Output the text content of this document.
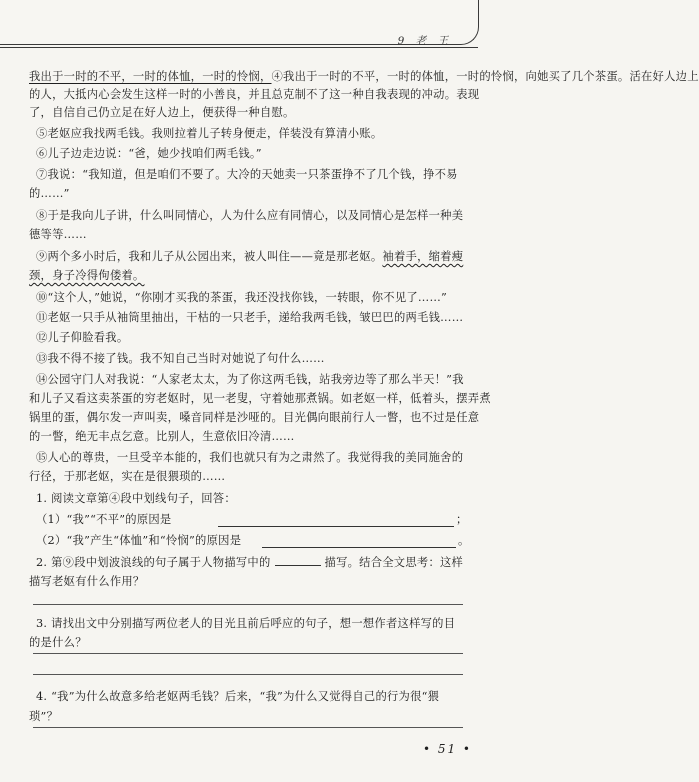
9 老 王
我出于一时的不平，一时的体恤，一时的怜悯，④我出于一时的不平，一时的体恤，一时的怜悯，向她买了几个茶蛋。活在好人边上
的人，大抵内心会发生这样一时的小善良，并且总克制不了这一种自我表现的冲动。表现
了，自信自己仍立足在好人边上，便获得一种自慰。
⑤老妪应我找两毛钱。我则拉着儿子转身便走，佯装没有算清小账。
⑥儿子边走边说：“爸，她少找咱们两毛钱。”
⑦我说：“我知道，但是咱们不要了。大冷的天她卖一只茶蛋挣不了几个钱，挣不易
的……”
⑧于是我向儿子讲，什么叫同情心，人为什么应有同情心，以及同情心是怎样一种美
德等等……
⑨两个多小时后，我和儿子从公园出来，被人叫住——竟是那老妪。袖着手，缩着瘦
颈，身子冷得佝偻着。
⑩“这个人，”她说，“你刚才买我的茶蛋，我还没找你钱，一转眼，你不见了……”
⑪老妪一只手从袖筒里抽出，干枯的一只老手，递给我两毛钱，皱巴巴的两毛钱……
⑫儿子仰脸看我。
⑬我不得不接了钱。我不知自己当时对她说了句什么……
⑭公园守门人对我说：“人家老太太，为了你这两毛钱，站我旁边等了那么半天！”我
和儿子又看这卖茶蛋的穷老妪时，见一老叟，守着她那煮锅。如老妪一样，低着头，摆弄煮
锅里的蛋，偶尔发一声叫卖，嗓音同样是沙哑的。目光偶向眼前行人一瞥，也不过是任意
的一瞥，绝无丰点乞意。比别人，生意依旧冷清……
⑮人心的尊贵，一旦受辛本能的，我们也就只有为之肃然了。我觉得我的美同施舍的
行径，于那老妪，实在是很猥琐的……
1. 阅读文章第④段中划线句子，回答：
（1）“我”“不平”的原因是	；
（2）“我”产生“体恤”和“怜悯”的原因是	。
2. 第⑨段中划波浪线的句子属于人物描写中的	描写。结合全文思考：这样
描写老妪有什么作用？
3. 请找出文中分别描写两位老人的目光且前后呼应的句子，想一想作者这样写的目
的是什么？
4. “我”为什么故意多给老妪两毛钱？后来，“我”为什么又觉得自己的行为很“猥
琐”？
• 51 •
